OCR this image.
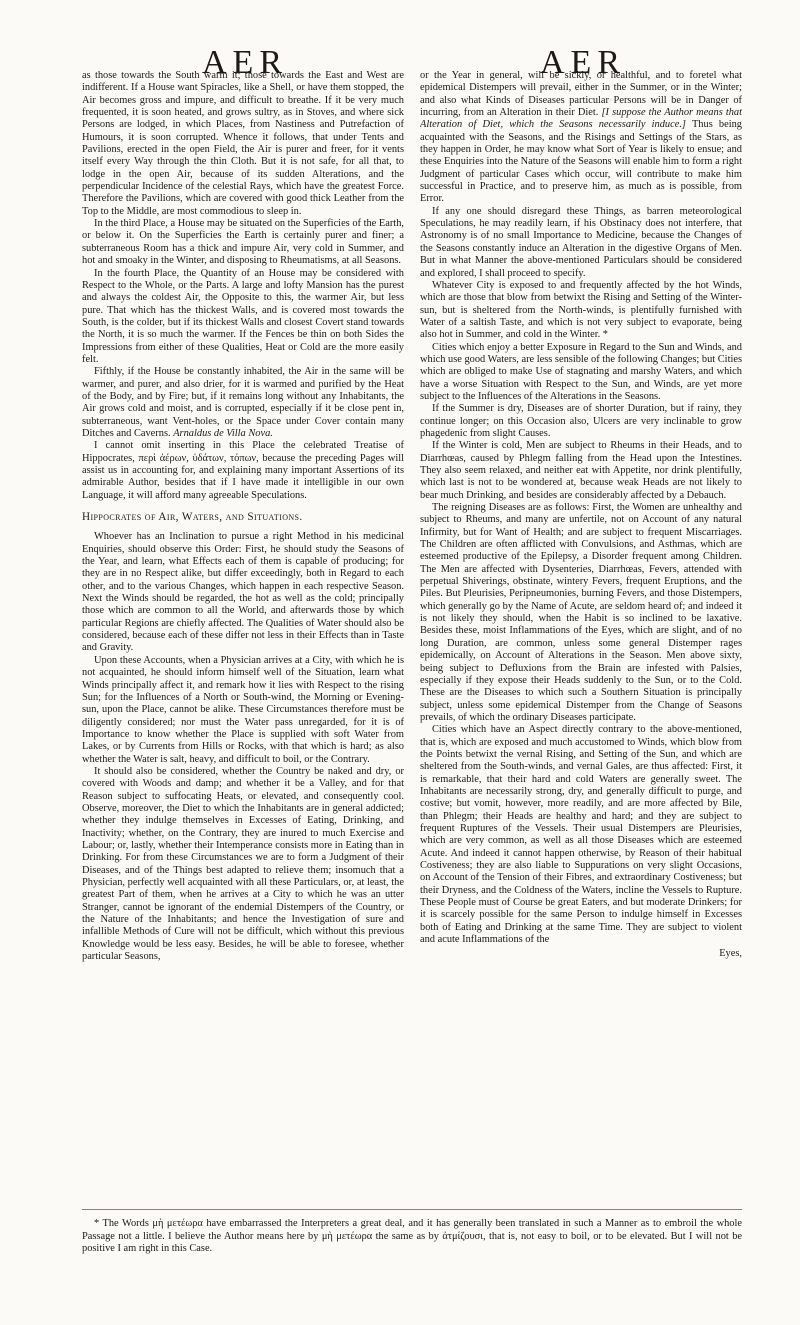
AER	AER

as those towards the South warm it; those towards the East and West are indifferent. If a House want Spiracles, like a Shell, or have them stopped, the Air becomes gross and impure, and difficult to breathe. If it be very much frequented, it is soon heated, and grows sultry, as in Stoves, and where sick Persons are lodged, in which Places, from Nastiness and Putrefaction of Humours, it is soon corrupted. Whence it follows, that under Tents and Pavilions, erected in the open Field, the Air is purer and freer, for it vents itself every Way through the thin Cloth. But it is not safe, for all that, to lodge in the open Air, because of its sudden Alterations, and the perpendicular Incidence of the celestial Rays, which have the greatest Force. Therefore the Pavilions, which are covered with good thick Leather from the Top to the Middle, are most commodious to sleep in.

In the third Place, a House may be situated on the Superficies of the Earth, or below it. On the Superficies the Earth is certainly purer and finer; a subterraneous Room has a thick and impure Air, very cold in Summer, and hot and smoaky in the Winter, and disposing to Rheumatisms, at all Seasons.

In the fourth Place, the Quantity of an House may be considered with Respect to the Whole, or the Parts. A large and lofty Mansion has the purest and always the coldest Air, the Opposite to this, the warmer Air, but less pure. That which has the thickest Walls, and is covered most towards the South, is the colder, but if its thickest Walls and closest Covert stand towards the North, it is so much the warmer. If the Fences be thin on both Sides the Impressions from either of these Qualities, Heat or Cold are the more easily felt.

Fifthly, if the House be constantly inhabited, the Air in the same will be warmer, and purer, and also drier, for it is warmed and purified by the Heat of the Body, and by Fire; but, if it remains long without any Inhabitants, the Air grows cold and moist, and is corrupted, especially if it be close pent in, subterraneous, want Vent-holes, or the Space under Cover contain many Ditches and Caverns. Arnaldus de Villa Nova.

I cannot omit inserting in this Place the celebrated Treatise of Hippocrates, περὶ ἀέρων, ὑδάτων, τόπων, because the preceding Pages will assist us in accounting for, and explaining many important Assertions of its admirable Author, besides that if I have made it intelligible in our own Language, it will afford many agreeable Speculations.

Hippocrates of Air, Waters, and Situations.

Whoever has an Inclination to pursue a right Method in his medicinal Enquiries, should observe this Order: First, he should study the Seasons of the Year, and learn, what Effects each of them is capable of producing; for they are in no Respect alike, but differ exceedingly, both in Regard to each other, and to the various Changes, which happen in each respective Season. Next the Winds should be regarded, the hot as well as the cold; principally those which are common to all the World, and afterwards those by which particular Regions are chiefly affected. The Qualities of Water should also be considered, because each of these differ not less in their Effects than in Taste and Gravity.

Upon these Accounts, when a Physician arrives at a City, with which he is not acquainted, he should inform himself well of the Situation, learn what Winds principally affect it, and remark how it lies with Respect to the rising Sun; for the Influences of a North or South-wind, the Morning or Evening-sun, upon the Place, cannot be alike. These Circumstances therefore must be diligently considered; nor must the Water pass unregarded, for it is of Importance to know whether the Place is supplied with soft Water from Lakes, or by Currents from Hills or Rocks, with that which is hard; as also whether the Water is salt, heavy, and difficult to boil, or the Contrary.

It should also be considered, whether the Country be naked and dry, or covered with Woods and damp; and whether it be a Valley, and for that Reason subject to suffocating Heats, or elevated, and consequently cool. Observe, moreover, the Diet to which the Inhabitants are in general addicted; whether they indulge themselves in Excesses of Eating, Drinking, and Inactivity; whether, on the Contrary, they are inured to much Exercise and Labour; or, lastly, whether their Intemperance consists more in Eating than in Drinking. For from these Circumstances we are to form a Judgment of their Diseases, and of the Things best adapted to relieve them; insomuch that a Physician, perfectly well acquainted with all these Particulars, or, at least, the greatest Part of them, when he arrives at a City to which he was an utter Stranger, cannot be ignorant of the endemial Distempers of the Country, or the Nature of the Inhabitants; and hence the Investigation of sure and infallible Methods of Cure will not be difficult, which without this previous Knowledge would be less easy. Besides, he will be able to foresee, whether particular Seasons,

or the Year in general, will be sickly, or healthful, and to foretel what epidemical Distempers will prevail, either in the Summer, or in the Winter; and also what Kinds of Diseases particular Persons will be in Danger of incurring, from an Alteration in their Diet. [I suppose the Author means that Alteration of Diet, which the Seasons necessarily induce.] Thus being acquainted with the Seasons, and the Risings and Settings of the Stars, as they happen in Order, he may know what Sort of Year is likely to ensue; and these Enquiries into the Nature of the Seasons will enable him to form a right Judgment of particular Cases which occur, will contribute to make him successful in Practice, and to preserve him, as much as is possible, from Error.

If any one should disregard these Things, as barren meteorological Speculations, he may readily learn, if his Obstinacy does not interfere, that Astronomy is of no small Importance to Medicine, because the Changes of the Seasons constantly induce an Alteration in the digestive Organs of Men. But in what Manner the above-mentioned Particulars should be considered and explored, I shall proceed to specify.

Whatever City is exposed to and frequently affected by the hot Winds, which are those that blow from betwixt the Rising and Setting of the Winter-sun, but is sheltered from the North-winds, is plentifully furnished with Water of a saltish Taste, and which is not very subject to evaporate, being also hot in Summer, and cold in the Winter. *

Cities which enjoy a better Exposure in Regard to the Sun and Winds, and which use good Waters, are less sensible of the following Changes; but Cities which are obliged to make Use of stagnating and marshy Waters, and which have a worse Situation with Respect to the Sun, and Winds, are yet more subject to the Influences of the Alterations in the Seasons.

If the Summer is dry, Diseases are of shorter Duration, but if rainy, they continue longer; on this Occasion also, Ulcers are very inclinable to grow phagedenic from slight Causes.

If the Winter is cold, Men are subject to Rheums in their Heads, and to Diarrhœas, caused by Phlegm falling from the Head upon the Intestines. They also seem relaxed, and neither eat with Appetite, nor drink plentifully, which last is not to be wondered at, because weak Heads are not likely to bear much Drinking, and besides are considerably affected by a Debauch.

The reigning Diseases are as follows: First, the Women are unhealthy and subject to Rheums, and many are unfertile, not on Account of any natural Infirmity, but for Want of Health; and are subject to frequent Miscarriages. The Children are often afflicted with Convulsions, and Asthmas, which are esteemed productive of the Epilepsy, a Disorder frequent among Children. The Men are affected with Dysenteries, Diarrhœas, Fevers, attended with perpetual Shiverings, obstinate, wintery Fevers, frequent Eruptions, and the Piles. But Pleurisies, Peripneumonies, burning Fevers, and those Distempers, which generally go by the Name of Acute, are seldom heard of; and indeed it is not likely they should, when the Habit is so inclined to be laxative. Besides these, moist Inflammations of the Eyes, which are slight, and of no long Duration, are common, unless some general Distemper rages epidemically, on Account of Alterations in the Season. Men above sixty, being subject to Defluxions from the Brain are infested with Palsies, especially if they expose their Heads suddenly to the Sun, or to the Cold. These are the Diseases to which such a Southern Situation is principally subject, unless some epidemical Distemper from the Change of Seasons prevails, of which the ordinary Diseases participate.

Cities which have an Aspect directly contrary to the above-mentioned, that is, which are exposed and much accustomed to Winds, which blow from the Points betwixt the vernal Rising, and Setting of the Sun, and which are sheltered from the South-winds, and vernal Gales, are thus affected: First, it is remarkable, that their hard and cold Waters are generally sweet. The Inhabitants are necessarily strong, dry, and generally difficult to purge, and costive; but vomit, however, more readily, and are more affected by Bile, than Phlegm; their Heads are healthy and hard; and they are subject to frequent Ruptures of the Vessels. Their usual Distempers are Pleurisies, which are very common, as well as all those Diseases which are esteemed Acute. And indeed it cannot happen otherwise, by Reason of their habitual Costiveness; they are also liable to Suppurations on very slight Occasions, on Account of the Tension of their Fibres, and extraordinary Costiveness; but their Dryness, and the Coldness of the Waters, incline the Vessels to Rupture. These People must of Course be great Eaters, and but moderate Drinkers; for it is scarcely possible for the same Person to indulge himself in Excesses both of Eating and Drinking at the same Time. They are subject to violent and acute Inflammations of the

Eyes,

* The Words μὴ μετέωρα have embarrassed the Interpreters a great deal, and it has generally been translated in such a Manner as to embroil the whole Passage not a little. I believe the Author means here by μὴ μετέωρα the same as by ἀτμίζουσι, that is, not easy to boil, or to be elevated. But I will not be positive I am right in this Case.
